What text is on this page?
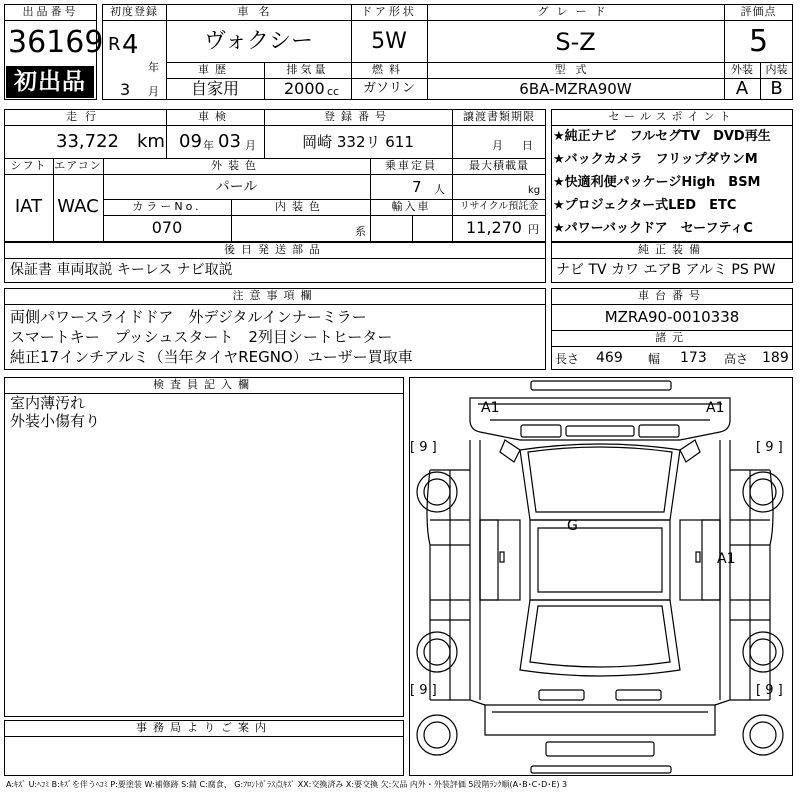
出品番号
36169
初出品
初度登録
R 4
年
3 月
車名
ヴォクシー
ドア形状
5W
グレード
S-Z
評価点
5
車歴
自家用
排気量
2000 cc
燃料
ガソリン
型式
6BA-MZRA90W
外装	内装
A	B
走行
33,722 km
車検
09 年 03 月
登録番号
岡崎 332リ 611
譲渡書類期限
月 日
シフト
IAT
エアコン
WAC
外装色
パール
乗車定員
7 人
最大積載量
kg
カラーNo.
070
内装色
系
輸入車	リサイクル預託金
11,270 円
セールスポイント
★純正ナビ　フルセグTV　DVD再生
★バックカメラ　フリップダウンM
★快適利便パッケージHigh　BSM
★プロジェクター式LED　ETC
★パワーバックドア　セーフティC
後日発送部品
保証書 車両取説 キーレス ナビ取説
純正装備
ナビ TV カワ エアB アルミ PS PW
注意事項欄
両側パワースライドドア　外デジタルインナーミラー
スマートキー　プッシュスタート　2列目シートヒーター
純正17インチアルミ（当年タイヤREGNO）ユーザー買取車
車台番号
MZRA90-0010338
諸元
長さ 469 幅 173 高さ 189
検査員記入欄
室内薄汚れ
外装小傷有り
事務局よりご案内
A1	A1
[ 9 ]	[ 9 ]
G
A1
[ 9 ]	[ 9 ]
A:ｷｽﾞ U:ﾍｺﾐ B:ｷｽﾞを伴うﾍｺﾐ P:要塗装 W:補修跡 S:錆 C:腐食、 G:ﾌﾛﾝﾄｶﾞﾗｽ点ｷｽﾞ XX:交換済み X:要交換 欠:欠品 内外・外装評価 5段階ﾗﾝｸ順(A･B･C･D･E) 3
